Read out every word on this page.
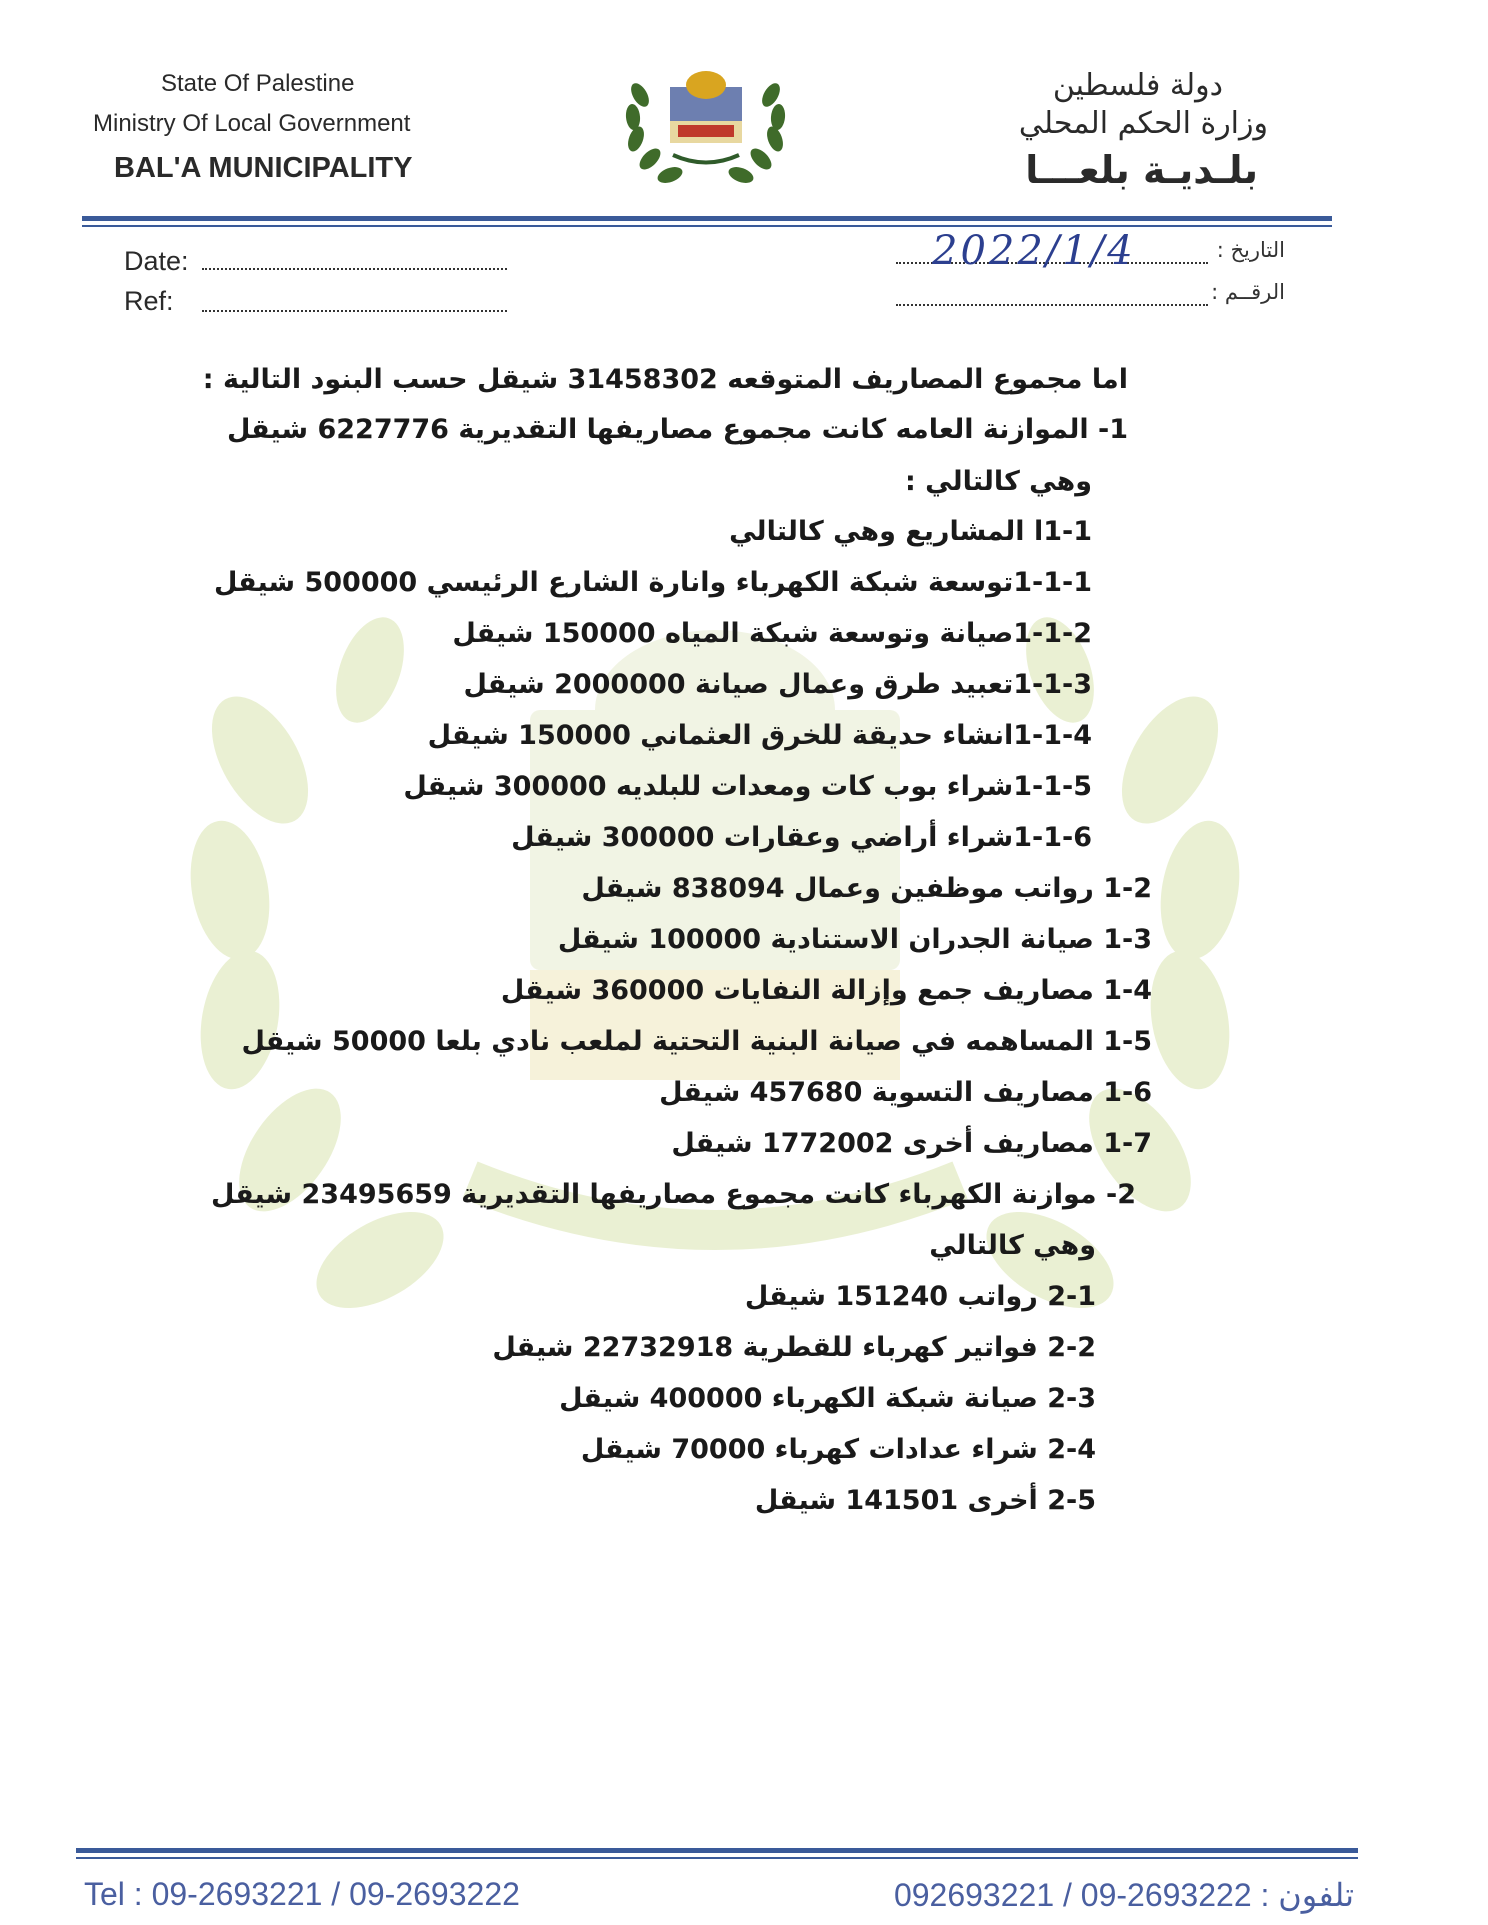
State Of Palestine
Ministry Of Local Government
BAL'A MUNICIPALITY
دولة فلسطين
وزارة الحكم المحلي
بلـديـة بلعـــا
Date:
Ref:
التاريخ :
2022/1/4
الرقــم :
اما مجموع المصاريف المتوقعه 31458302 شيقل حسب البنود التالية :
1- الموازنة العامه كانت مجموع مصاريفها التقديرية 6227776 شيقل
وهي كالتالي :
1-1ا المشاريع وهي كالتالي
1-1-1توسعة شبكة الكهرباء وانارة الشارع الرئيسي 500000 شيقل
1-1-2صيانة وتوسعة شبكة المياه 150000 شيقل
1-1-3تعبيد طرق وعمال صيانة 2000000 شيقل
1-1-4انشاء حديقة للخرق العثماني 150000 شيقل
1-1-5شراء بوب كات ومعدات للبلديه 300000 شيقل
1-1-6شراء أراضي وعقارات 300000 شيقل
1-2 رواتب موظفين وعمال 838094 شيقل
1-3 صيانة الجدران الاستنادية 100000 شيقل
1-4 مصاريف جمع وإزالة النفايات 360000 شيقل
1-5 المساهمه في صيانة البنية التحتية لملعب نادي بلعا 50000 شيقل
1-6 مصاريف التسوية 457680 شيقل
1-7 مصاريف أخرى 1772002 شيقل
2- موازنة الكهرباء كانت مجموع مصاريفها التقديرية 23495659 شيقل
وهي كالتالي
2-1 رواتب 151240 شيقل
2-2 فواتير كهرباء للقطرية 22732918 شيقل
2-3 صيانة شبكة الكهرباء 400000 شيقل
2-4 شراء عدادات كهرباء 70000 شيقل
2-5 أخرى 141501 شيقل
Tel : 09-2693221 / 09-2693222	092693221 / 09-2693222 : تلفون
